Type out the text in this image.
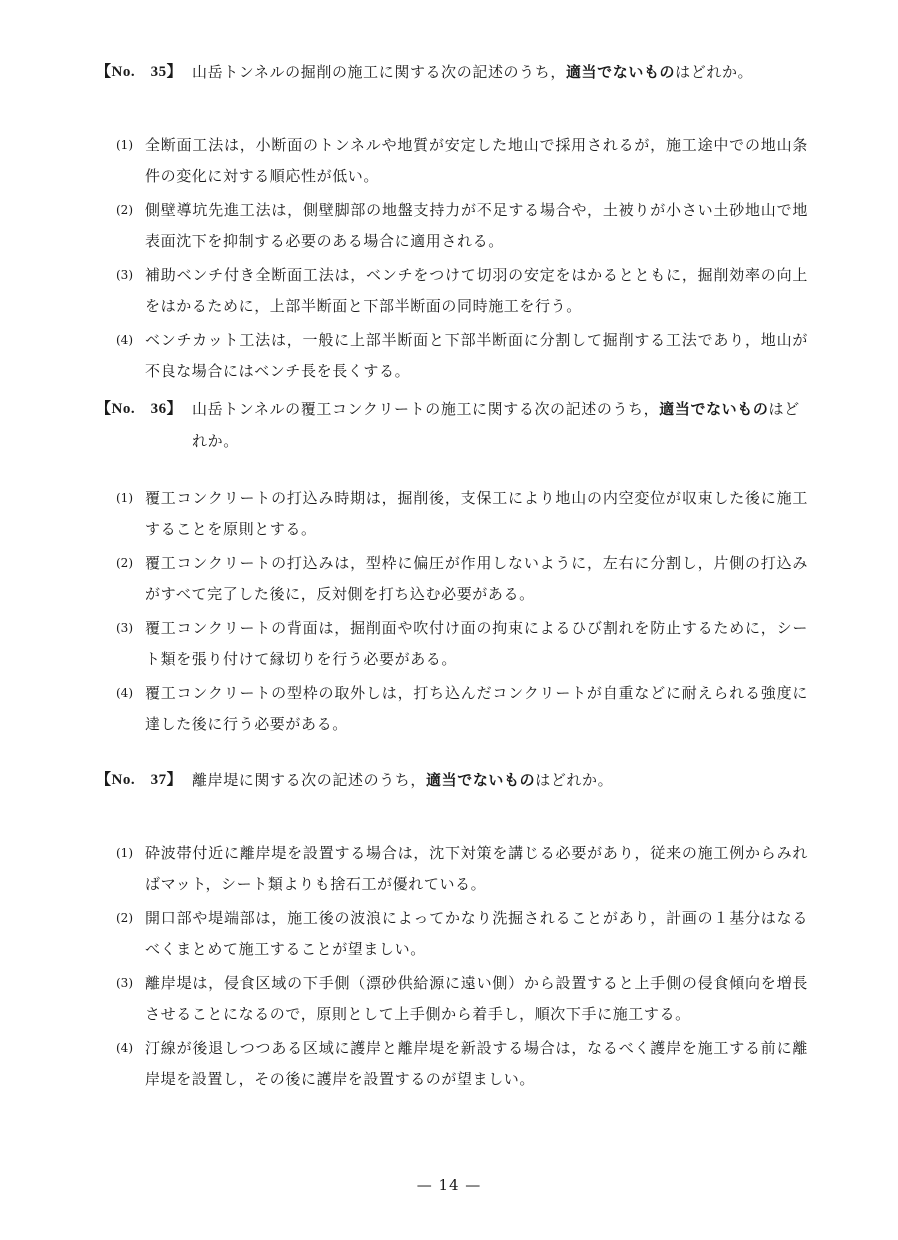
【No.　35】 山岳トンネルの掘削の施工に関する次の記述のうち，適当でないものはどれか。
(1) 全断面工法は，小断面のトンネルや地質が安定した地山で採用されるが，施工途中での地山条件の変化に対する順応性が低い。
(2) 側壁導坑先進工法は，側壁脚部の地盤支持力が不足する場合や，土被りが小さい土砂地山で地表面沈下を抑制する必要のある場合に適用される。
(3) 補助ベンチ付き全断面工法は，ベンチをつけて切羽の安定をはかるとともに，掘削効率の向上をはかるために，上部半断面と下部半断面の同時施工を行う。
(4) ベンチカット工法は，一般に上部半断面と下部半断面に分割して掘削する工法であり，地山が不良な場合にはベンチ長を長くする。
【No.　36】 山岳トンネルの覆工コンクリートの施工に関する次の記述のうち，適当でないものはどれか。
(1) 覆工コンクリートの打込み時期は，掘削後，支保工により地山の内空変位が収束した後に施工することを原則とする。
(2) 覆工コンクリートの打込みは，型枠に偏圧が作用しないように，左右に分割し，片側の打込みがすべて完了した後に，反対側を打ち込む必要がある。
(3) 覆工コンクリートの背面は，掘削面や吹付け面の拘束によるひび割れを防止するために，シート類を張り付けて縁切りを行う必要がある。
(4) 覆工コンクリートの型枠の取外しは，打ち込んだコンクリートが自重などに耐えられる強度に達した後に行う必要がある。
【No.　37】 離岸堤に関する次の記述のうち，適当でないものはどれか。
(1) 砕波帯付近に離岸堤を設置する場合は，沈下対策を講じる必要があり，従来の施工例からみればマット，シート類よりも捨石工が優れている。
(2) 開口部や堤端部は，施工後の波浪によってかなり洗掘されることがあり，計画の１基分はなるべくまとめて施工することが望ましい。
(3) 離岸堤は，侵食区域の下手側（漂砂供給源に遠い側）から設置すると上手側の侵食傾向を増長させることになるので，原則として上手側から着手し，順次下手に施工する。
(4) 汀線が後退しつつある区域に護岸と離岸堤を新設する場合は，なるべく護岸を施工する前に離岸堤を設置し，その後に護岸を設置するのが望ましい。
— 14 —
